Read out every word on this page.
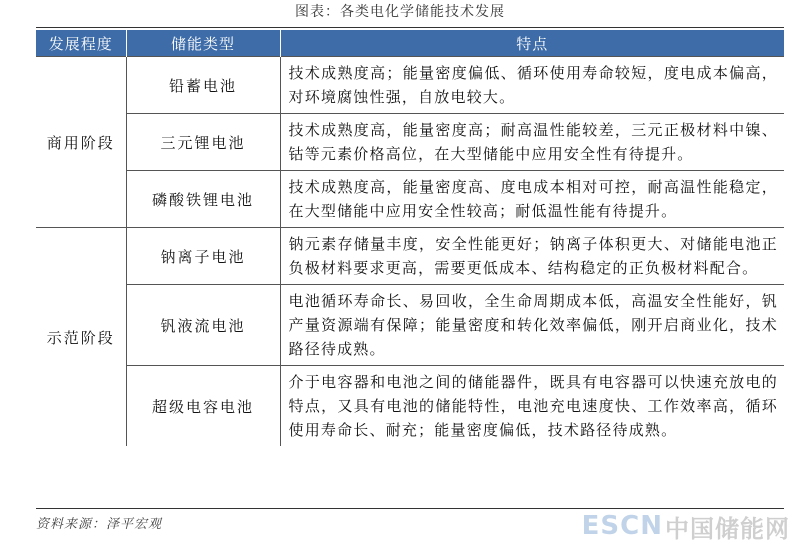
图表：各类电化学储能技术发展
发展程度	储能类型	特点
商用阶段	铅蓄电池	技术成熟度高；能量密度偏低、循环使用寿命较短，度电成本偏高，对环境腐蚀性强，自放电较大。
	三元锂电池	技术成熟度高，能量密度高；耐高温性能较差，三元正极材料中镍、钴等元素价格高位，在大型储能中应用安全性有待提升。
	磷酸铁锂电池	技术成熟度高，能量密度高、度电成本相对可控，耐高温性能稳定，在大型储能中应用安全性较高；耐低温性能有待提升。
示范阶段	钠离子电池	钠元素存储量丰度，安全性能更好；钠离子体积更大、对储能电池正负极材料要求更高，需要更低成本、结构稳定的正负极材料配合。
	钒液流电池	电池循环寿命长、易回收，全生命周期成本低，高温安全性能好，钒产量资源端有保障；能量密度和转化效率偏低，刚开启商业化，技术路径待成熟。
	超级电容电池	介于电容器和电池之间的储能器件，既具有电容器可以快速充放电的特点，又具有电池的储能特性，电池充电速度快、工作效率高，循环使用寿命长、耐充；能量密度偏低，技术路径待成熟。
资料来源：泽平宏观	ESCN 中国储能网
